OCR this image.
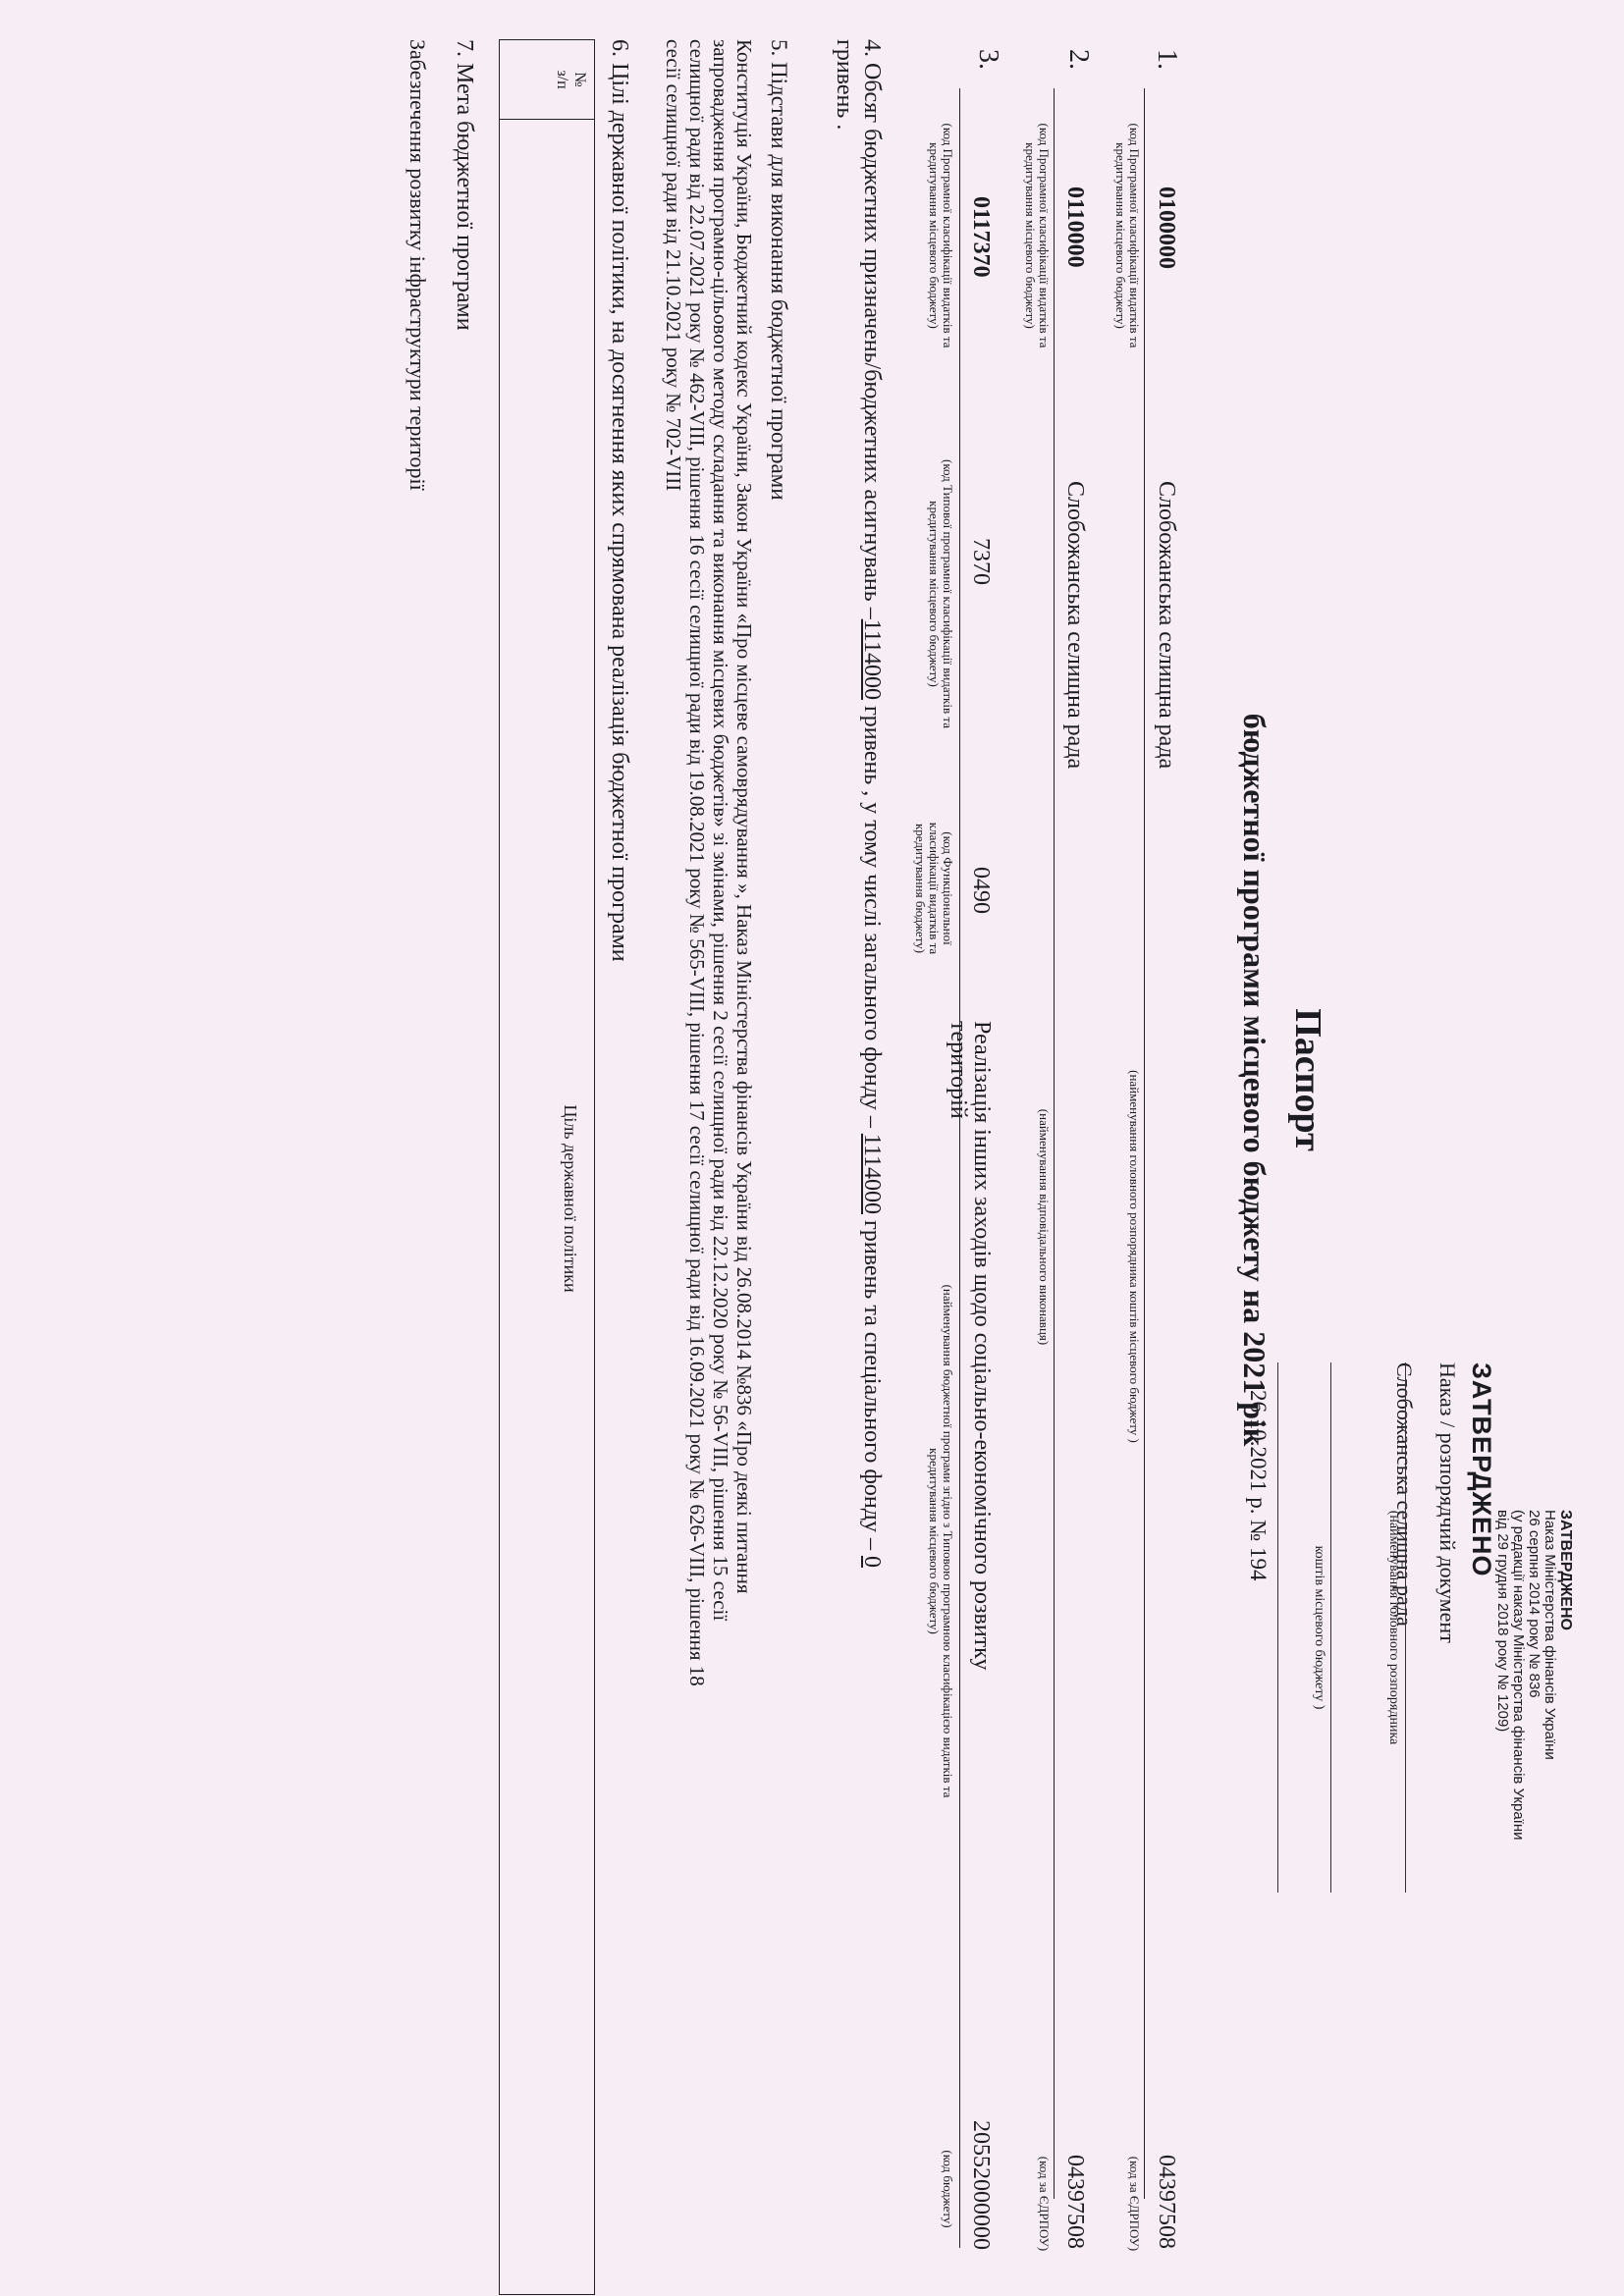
ЗАТВЕРДЖЕНО
Наказ Міністерства фінансів України
26 серпня 2014 року № 836
(у редакції наказу Міністерства фінансів України
від 29 грудня 2018 року № 1209)
ЗАТВЕРДЖЕНО
Наказ / розпорядчий документ
Слобожанська селищна рада
(найменування головного розпорядника
коштів місцевого бюджету )
26.10.2021 р. № 194
Паспорт
бюджетної програми місцевого бюджету на 2021 рік
1.
0100000
Слобожанська селищна рада
04397508
(код Програмної класифікації видатків та
кредитування місцевого бюджету)
(найменування головного розпорядника коштів місцевого бюджету )
(код за ЄДРПОУ)
2.
0110000
Слобожанська селищна рада
04397508
(код Програмної класифікації видатків та
кредитування місцевого бюджету)
(найменування відповідального виконавця)
(код за ЄДРПОУ)
3.
0117370
7370
0490
Реалізація інших заходів щодо соціально-економічного розвитку
територій
20552000000
(код Програмної класифікації видатків та
кредитування місцевого бюджету)
(код Типової програмної класифікації видатків та
кредитування місцевого бюджету)
(код Функціональної
класифікації видатків та
кредитування бюджету)
(найменування бюджетної програми згідно з Типовою програмною класифікацією видатків та
кредитування місцевого бюджету)
(код бюджету)
4. Обсяг бюджетних призначень/бюджетних асигнувань –1114000 гривень , у тому числі загального фонду – 1114000 гривень та спеціального фонду – 0
гривень .
5. Підстави для виконання бюджетної програми
Конституція України, Бюджетний кодекс України, Закон України «Про місцеве самоврядування », Наказ Міністерства фінансів України від 26.08.2014 №836 «Про деякі питання
запровадження програмно-цільового методу складання та виконання місцевих бюджетів» зі змінами, рішення 2 сесії селищної ради від 22.12.2020 року № 56-VIII, рішення 15 сесії
селищної ради від 22.07.2021 року № 462-VIII, рішення 16 сесії селищної ради від 19.08.2021 року № 565-VIII, рішення 17 сесії селищної ради від 16.09.2021 року № 626-VIII, рішення 18
сесії селищної ради від 21.10.2021 року № 702-VIII
6. Цілі державної політики, на досягнення яких спрямована реалізація бюджетної програми
№
з/п
Ціль державної політики
7. Мета бюджетної програми
Забезпечення розвитку інфраструктури території
